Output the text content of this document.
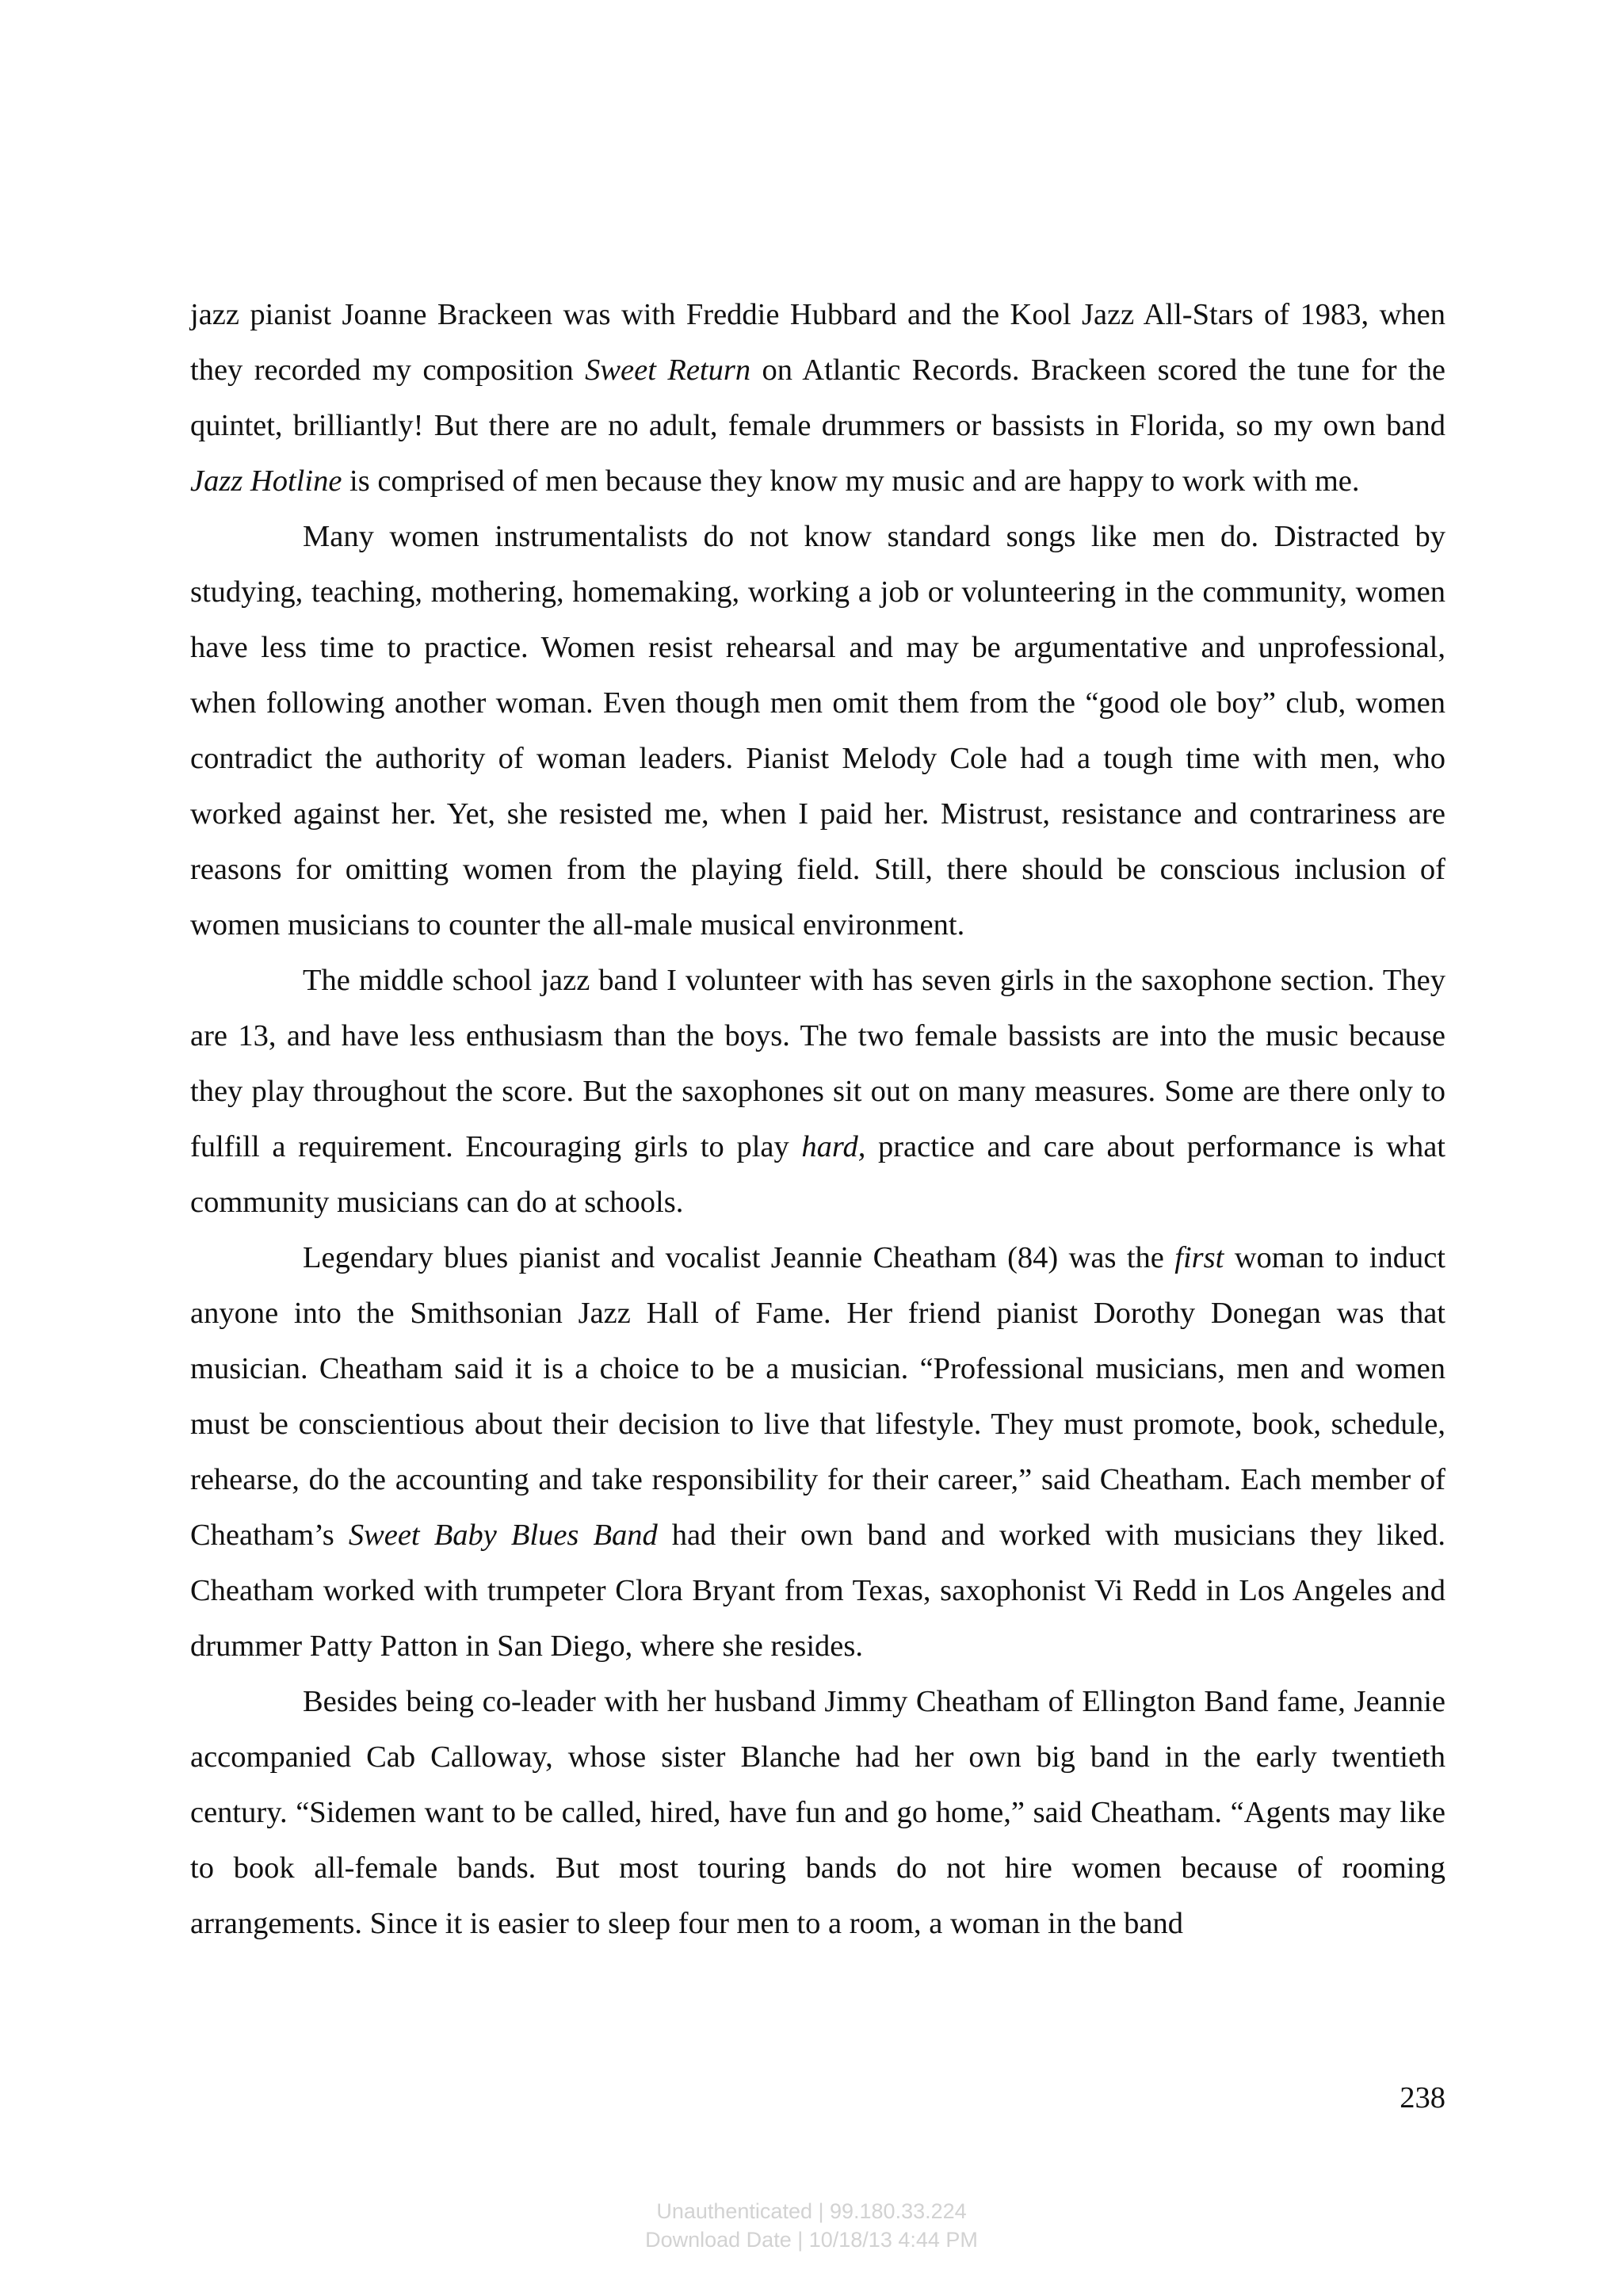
jazz pianist Joanne Brackeen was with Freddie Hubbard and the Kool Jazz All-Stars of 1983, when they recorded my composition Sweet Return on Atlantic Records. Brackeen scored the tune for the quintet, brilliantly! But there are no adult, female drummers or bassists in Florida, so my own band Jazz Hotline is comprised of men because they know my music and are happy to work with me.

Many women instrumentalists do not know standard songs like men do. Distracted by studying, teaching, mothering, homemaking, working a job or volunteering in the community, women have less time to practice. Women resist rehearsal and may be argumentative and unprofessional, when following another woman. Even though men omit them from the “good ole boy” club, women contradict the authority of woman leaders. Pianist Melody Cole had a tough time with men, who worked against her. Yet, she resisted me, when I paid her. Mistrust, resistance and contrariness are reasons for omitting women from the playing field. Still, there should be conscious inclusion of women musicians to counter the all-male musical environment.

The middle school jazz band I volunteer with has seven girls in the saxophone section. They are 13, and have less enthusiasm than the boys. The two female bassists are into the music because they play throughout the score. But the saxophones sit out on many measures. Some are there only to fulfill a requirement. Encouraging girls to play hard, practice and care about performance is what community musicians can do at schools.

Legendary blues pianist and vocalist Jeannie Cheatham (84) was the first woman to induct anyone into the Smithsonian Jazz Hall of Fame. Her friend pianist Dorothy Donegan was that musician. Cheatham said it is a choice to be a musician. “Professional musicians, men and women must be conscientious about their decision to live that lifestyle. They must promote, book, schedule, rehearse, do the accounting and take responsibility for their career,” said Cheatham. Each member of Cheatham’s Sweet Baby Blues Band had their own band and worked with musicians they liked. Cheatham worked with trumpeter Clora Bryant from Texas, saxophonist Vi Redd in Los Angeles and drummer Patty Patton in San Diego, where she resides.

Besides being co-leader with her husband Jimmy Cheatham of Ellington Band fame, Jeannie accompanied Cab Calloway, whose sister Blanche had her own big band in the early twentieth century. “Sidemen want to be called, hired, have fun and go home,” said Cheatham. “Agents may like to book all-female bands. But most touring bands do not hire women because of rooming arrangements. Since it is easier to sleep four men to a room, a woman in the band

238
Unauthenticated | 99.180.33.224
Download Date | 10/18/13 4:44 PM
